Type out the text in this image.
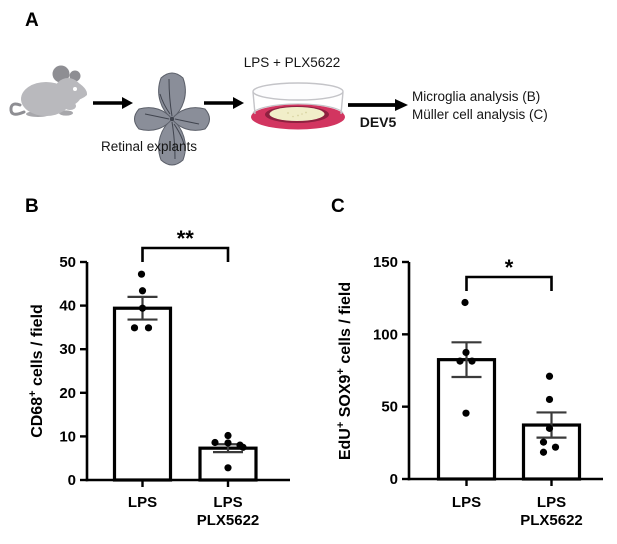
A
Retinal explants
LPS + PLX5622
DEV5
Microglia analysis (B)
Müller cell analysis (C)
B
0
10
20
30
40
50
LPS	LPS
PLX5622
**
CD68+ cells / field
C
0
50
100
150
LPS	LPS
PLX5622
*
EdU+ SOX9+ cells / field
